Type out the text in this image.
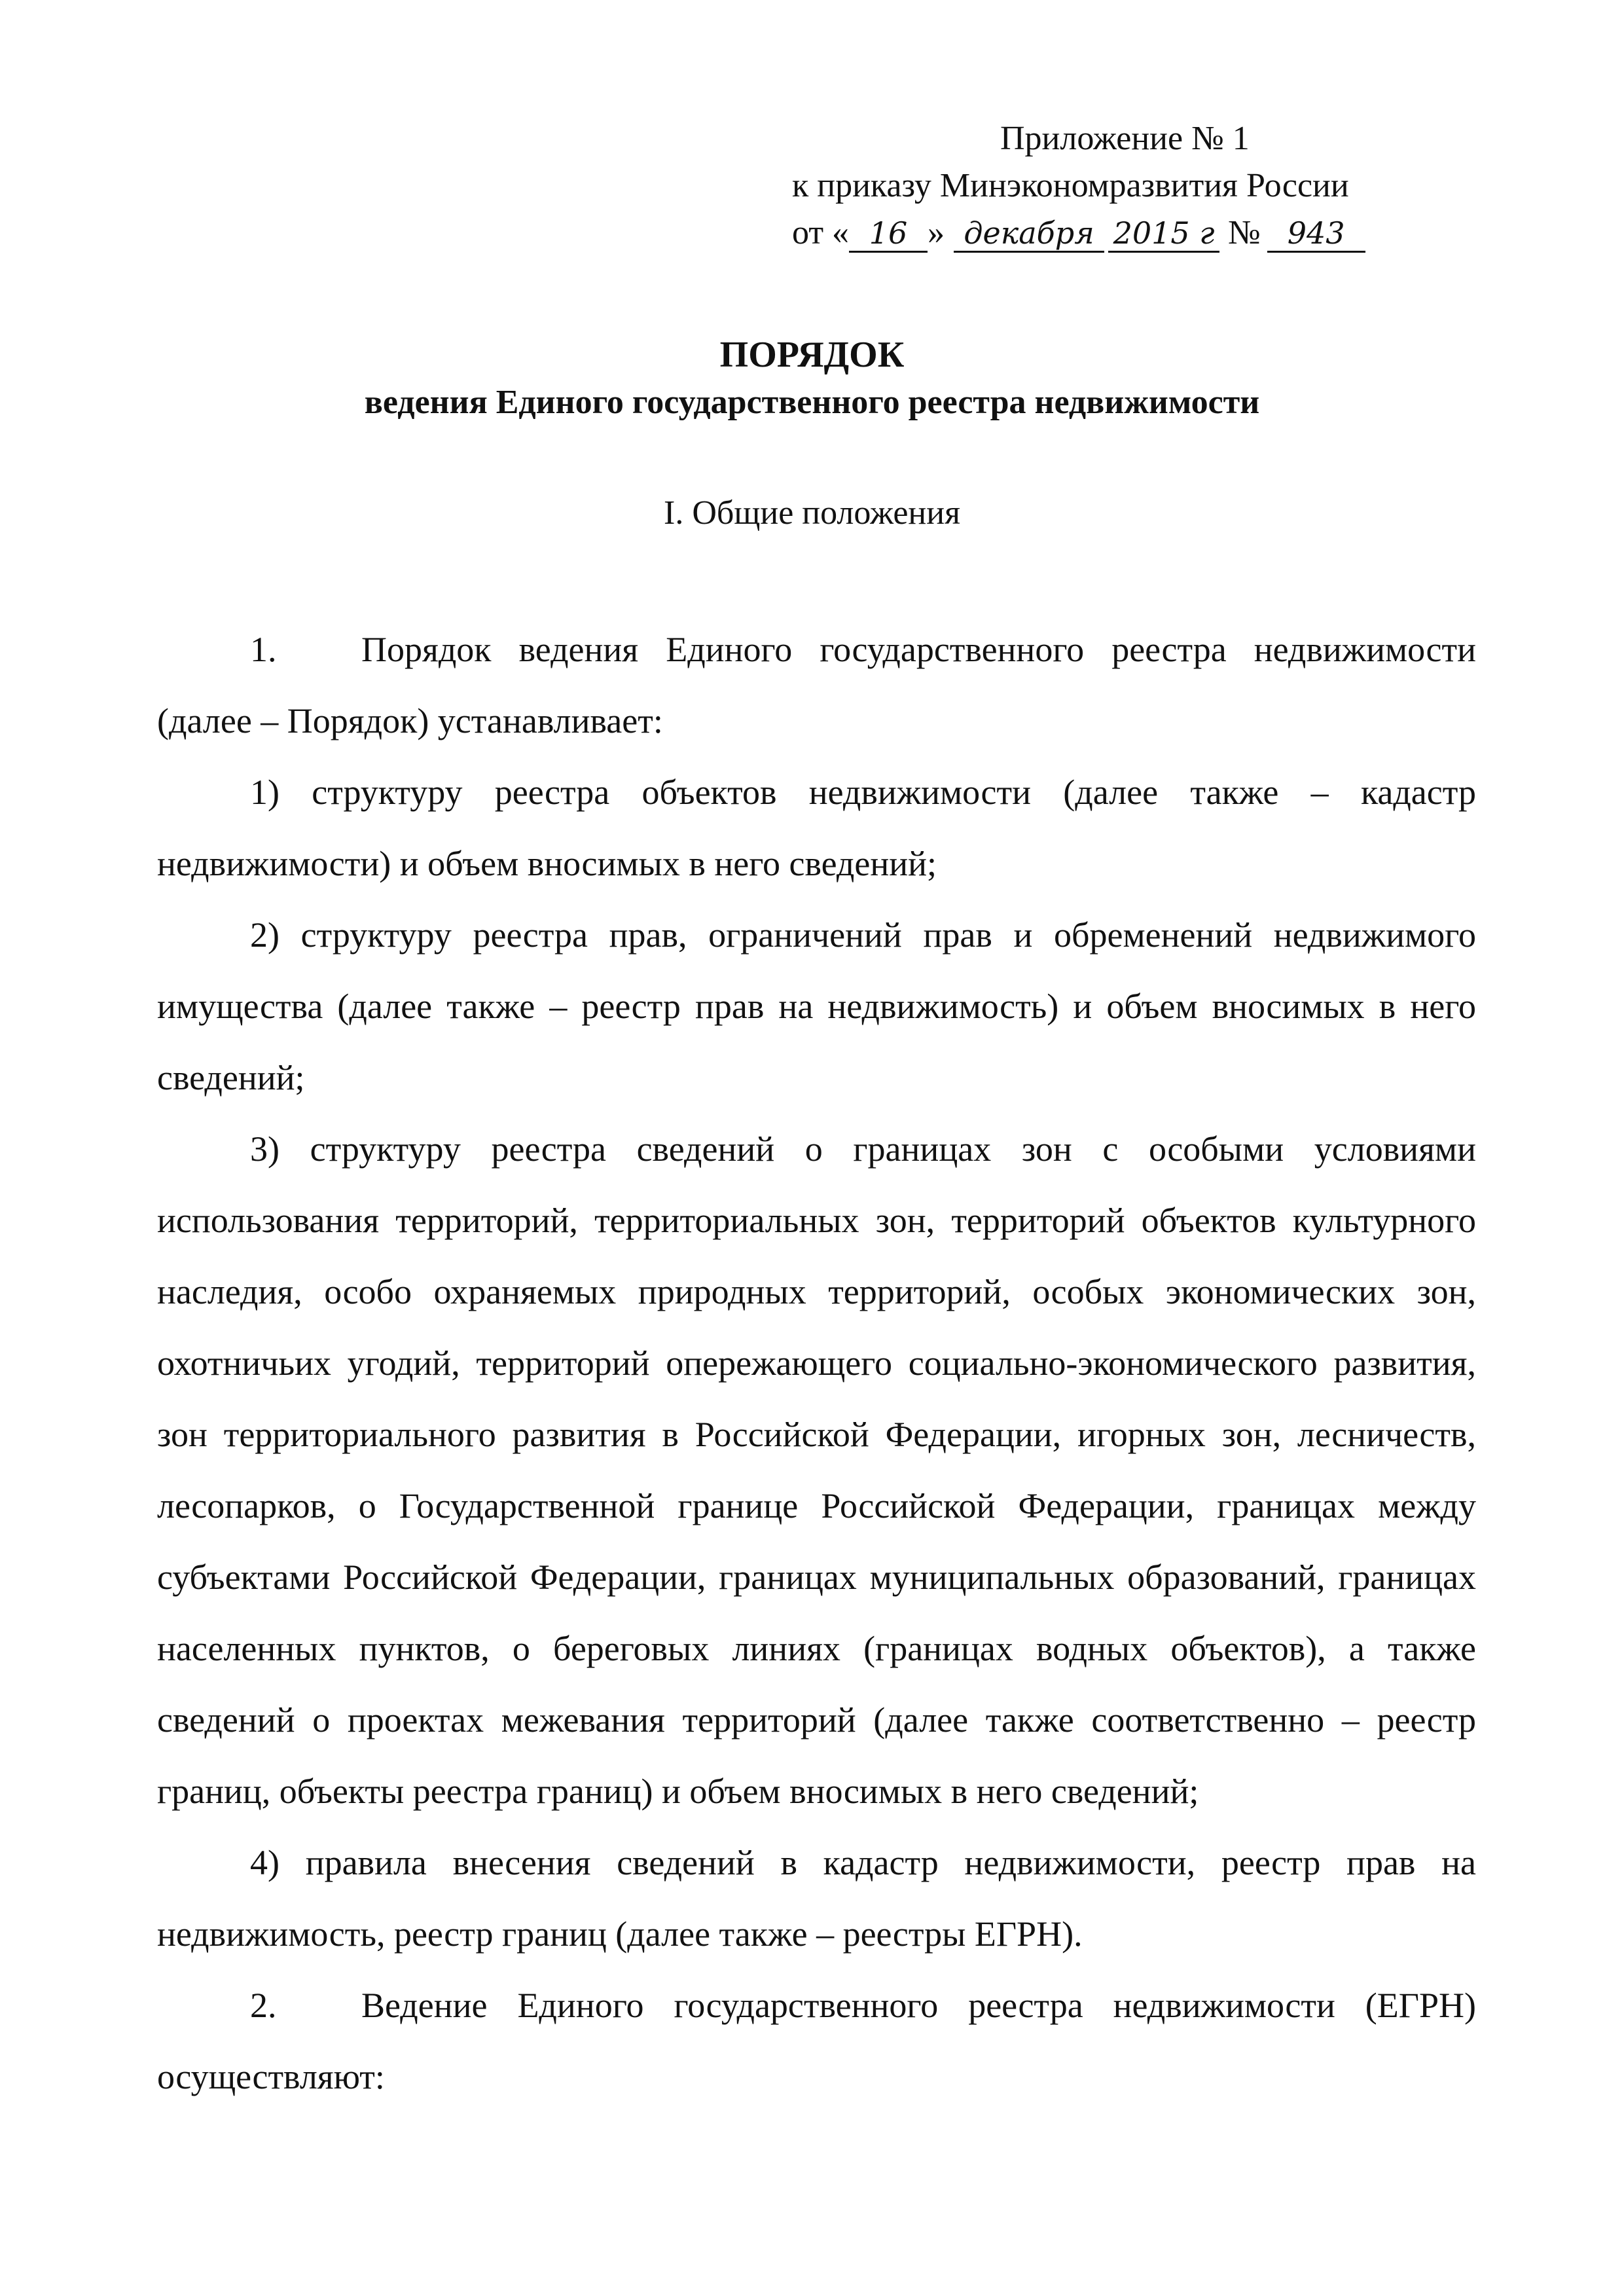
Приложение № 1
к приказу Минэкономразвития России
от « 16 » декабря 2015 г № 943
ПОРЯДОК
ведения Единого государственного реестра недвижимости
I. Общие положения

1. Порядок ведения Единого государственного реестра недвижимости (далее – Порядок) устанавливает:

1) структуру реестра объектов недвижимости (далее также – кадастр недвижимости) и объем вносимых в него сведений;

2) структуру реестра прав, ограничений прав и обременений недвижимого имущества (далее также – реестр прав на недвижимость) и объем вносимых в него сведений;

3) структуру реестра сведений о границах зон с особыми условиями использования территорий, территориальных зон, территорий объектов культурного наследия, особо охраняемых природных территорий, особых экономических зон, охотничьих угодий, территорий опережающего социально-экономического развития, зон территориального развития в Российской Федерации, игорных зон, лесничеств, лесопарков, о Государственной границе Российской Федерации, границах между субъектами Российской Федерации, границах муниципальных образований, границах населенных пунктов, о береговых линиях (границах водных объектов), а также сведений о проектах межевания территорий (далее также соответственно – реестр границ, объекты реестра границ) и объем вносимых в него сведений;

4) правила внесения сведений в кадастр недвижимости, реестр прав на недвижимость, реестр границ (далее также – реестры ЕГРН).

2. Ведение Единого государственного реестра недвижимости (ЕГРН) осуществляют:
